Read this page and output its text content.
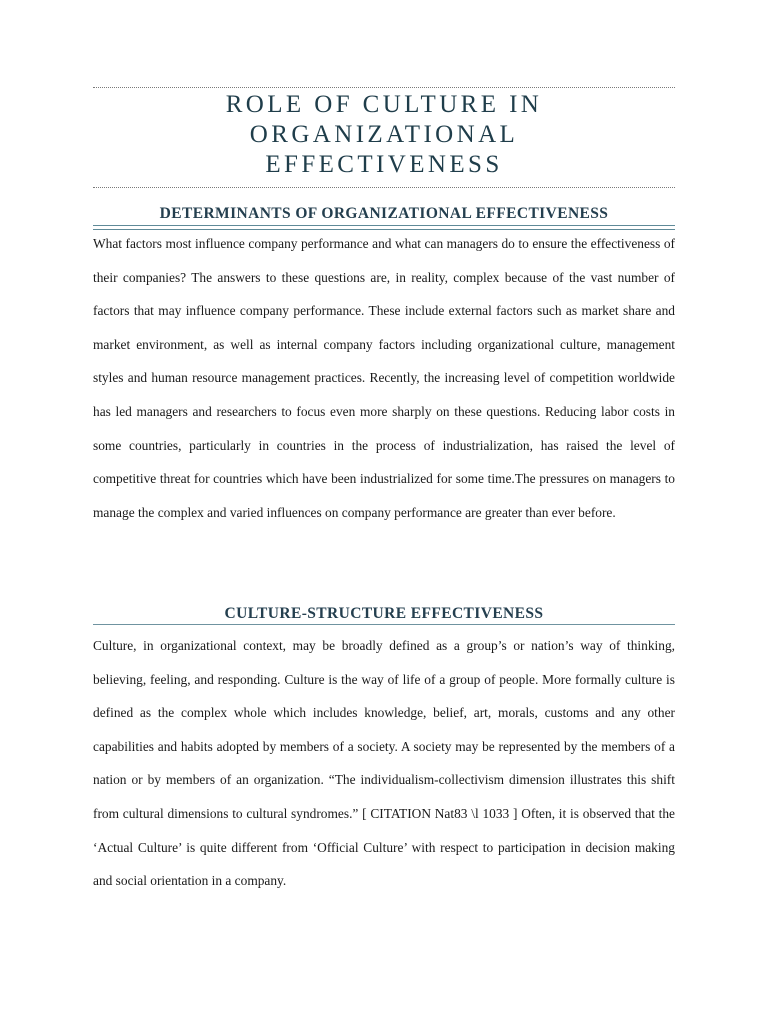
ROLE OF CULTURE IN
ORGANIZATIONAL
EFFECTIVENESS
DETERMINANTS OF ORGANIZATIONAL EFFECTIVENESS

What factors most influence company performance and what can managers do to ensure the effectiveness of their companies? The answers to these questions are, in reality, complex because of the vast number of factors that may influence company performance. These include external factors such as market share and market environment, as well as internal company factors including organizational culture, management styles and human resource management practices. Recently, the increasing level of competition worldwide has led managers and researchers to focus even more sharply on these questions. Reducing labor costs in some countries, particularly in countries in the process of industrialization, has raised the level of competitive threat for countries which have been industrialized for some time.The pressures on managers to manage the complex and varied influences on company performance are greater than ever before.

CULTURE-STRUCTURE EFFECTIVENESS

Culture, in organizational context, may be broadly defined as a group’s or nation’s way of thinking, believing, feeling, and responding. Culture is the way of life of a group of people. More formally culture is defined as the complex whole which includes knowledge, belief, art, morals, customs and any other capabilities and habits adopted by members of a society. A society may be represented by the members of a nation or by members of an organization. “The individualism-collectivism dimension illustrates this shift from cultural dimensions to cultural syndromes.” [ CITATION Nat83 \l 1033 ] Often, it is observed that the ‘Actual Culture’ is quite different from ‘Official Culture’ with respect to participation in decision making and social orientation in a company.
